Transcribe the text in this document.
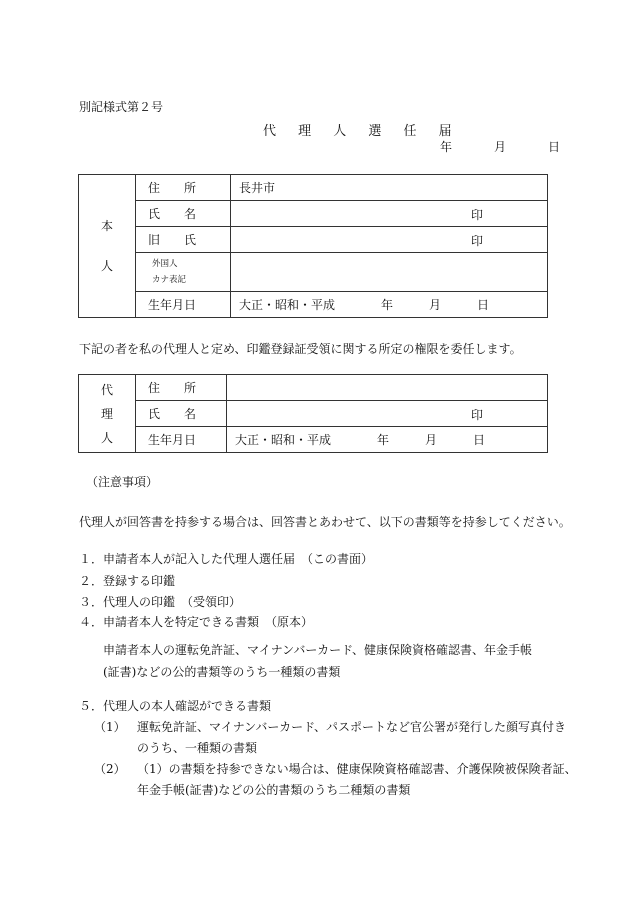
別記様式第２号
代 理 人 選 任 届
年	月	日
本
人	住　　所	長井市
	氏　　名	印

	旧　　氏	印

	外国人
カナ表記	

	生年月日	大正・昭和・平成 年 月 日
下記の者を私の代理人と定め、印鑑登録証受領に関する所定の権限を委任します。
代
理
人	住　　所	
	氏　　名	印

	生年月日	大正・昭和・平成 年 月 日
（注意事項）
代理人が回答書を持参する場合は、回答書とあわせて、以下の書類等を持参してください。
１．申請者本人が記入した代理人選任届　（この書面）
２．登録する印鑑
３．代理人の印鑑　（受領印）
４．申請者本人を特定できる書類　（原本）
申請者本人の運転免許証、マイナンバーカード、健康保険資格確認書、年金手帳
(証書)などの公的書類等のうち一種類の書類
５．代理人の本人確認ができる書類
（1） 運転免許証、マイナンバーカード、パスポートなど官公署が発行した顔写真付き
のうち、一種類の書類
（2） （1）の書類を持参できない場合は、健康保険資格確認書、介護保険被保険者証、
年金手帳(証書)などの公的書類のうち二種類の書類
